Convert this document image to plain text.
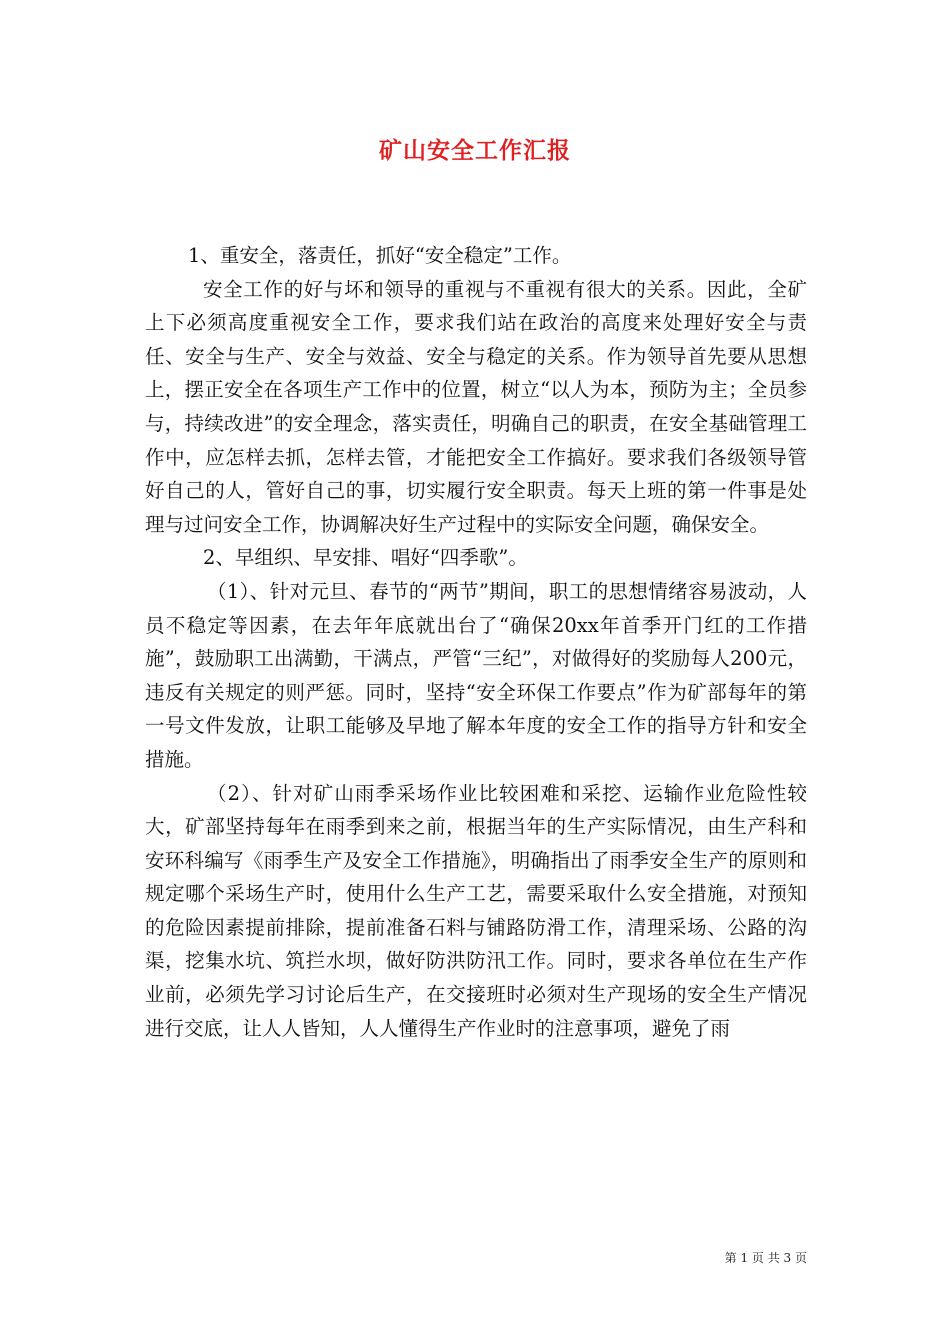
矿山安全工作汇报

1、重安全，落责任，抓好“安全稳定”工作。

安全工作的好与坏和领导的重视与不重视有很大的关系。因此，全矿上下必须高度重视安全工作，要求我们站在政治的高度来处理好安全与责任、安全与生产、安全与效益、安全与稳定的关系。作为领导首先要从思想上，摆正安全在各项生产工作中的位置，树立“以人为本，预防为主；全员参与，持续改进”的安全理念，落实责任，明确自己的职责，在安全基础管理工作中，应怎样去抓，怎样去管，才能把安全工作搞好。要求我们各级领导管好自己的人，管好自己的事，切实履行安全职责。每天上班的第一件事是处理与过问安全工作，协调解决好生产过程中的实际安全问题，确保安全。

2、早组织、早安排、唱好“四季歌”。

（1）、针对元旦、春节的“两节”期间，职工的思想情绪容易波动，人员不稳定等因素，在去年年底就出台了“确保20xx年首季开门红的工作措施”，鼓励职工出满勤，干满点，严管“三纪”，对做得好的奖励每人200元，违反有关规定的则严惩。同时，坚持“安全环保工作要点”作为矿部每年的第一号文件发放，让职工能够及早地了解本年度的安全工作的指导方针和安全措施。

（2）、针对矿山雨季采场作业比较困难和采挖、运输作业危险性较大，矿部坚持每年在雨季到来之前，根据当年的生产实际情况，由生产科和安环科编写《雨季生产及安全工作措施》，明确指出了雨季安全生产的原则和规定哪个采场生产时，使用什么生产工艺，需要采取什么安全措施，对预知的危险因素提前排除，提前准备石料与铺路防滑工作，清理采场、公路的沟渠，挖集水坑、筑拦水坝，做好防洪防汛工作。同时，要求各单位在生产作业前，必须先学习讨论后生产，在交接班时必须对生产现场的安全生产情况进行交底，让人人皆知，人人懂得生产作业时的注意事项，避免了雨

第 1 页 共 3 页
